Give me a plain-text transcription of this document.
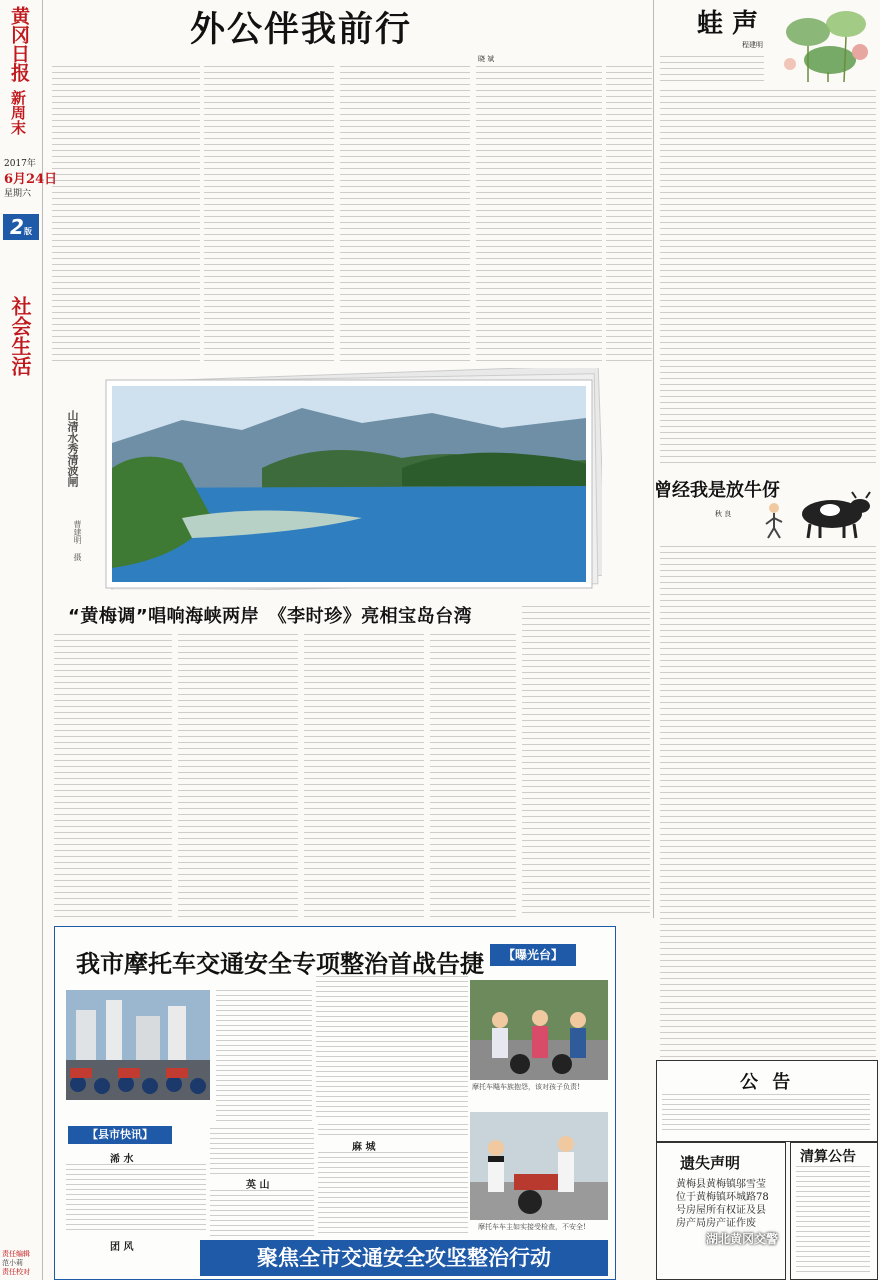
黄冈日报
新周末
2017年
6月24日
星期六
2版
社会生活
责任编辑
范小莉
责任校对
外公伴我前行
晓 斌
山清水秀清波闸
曹建明 摄
“黄梅调”唱响海峡两岸　《李时珍》亮相宝岛台湾
蛙 声
程建明
曾经我是放牛伢
秋 良
我市摩托车交通安全专项整治首战告捷	【曝光台】
【县市快讯】
浠 水
团 风
英 山
麻 城
摩托车飚车族抱怨，该对孩子负责!
摩托车车主如实接受检查，不安全!
聚焦全市交通安全攻坚整治行动
公 告
遗失声明
黄梅县黄梅镇邬雪莹位于黄梅镇环城路78号房屋所有权证及县房产局房产证作废
清算公告
湖北黄冈交警
